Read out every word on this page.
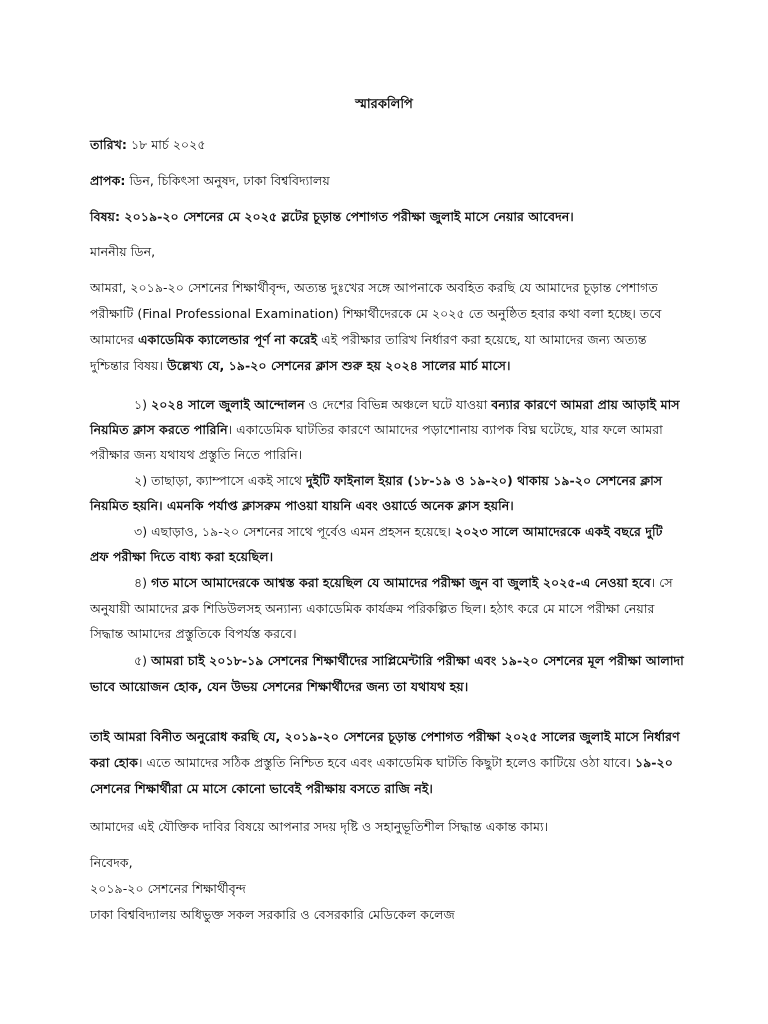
স্মারকলিপি
তারিখ: ১৮ মার্চ ২০২৫
প্রাপক: ডিন, চিকিৎসা অনুষদ, ঢাকা বিশ্ববিদ্যালয়
বিষয়: ২০১৯-২০ সেশনের মে ২০২৫ স্লটের চূড়ান্ত পেশাগত পরীক্ষা জুলাই মাসে নেয়ার আবেদন।
মাননীয় ডিন,
আমরা, ২০১৯-২০ সেশনের শিক্ষার্থীবৃন্দ, অত্যন্ত দুঃখের সঙ্গে আপনাকে অবহিত করছি যে আমাদের চূড়ান্ত পেশাগত
পরীক্ষাটি (Final Professional Examination) শিক্ষার্থীদেরকে মে ২০২৫ তে অনুষ্ঠিত হবার কথা বলা হচ্ছে। তবে
আমাদের একাডেমিক ক্যালেন্ডার পূর্ণ না করেই এই পরীক্ষার তারিখ নির্ধারণ করা হয়েছে, যা আমাদের জন্য অত্যন্ত
দুশ্চিন্তার বিষয়। উল্লেখ্য যে, ১৯-২০ সেশনের ক্লাস শুরু হয় ২০২৪ সালের মার্চ মাসে।
১) ২০২৪ সালে জুলাই আন্দোলন ও দেশের বিভিন্ন অঞ্চলে ঘটে যাওয়া বন্যার কারণে আমরা প্রায় আড়াই মাস
নিয়মিত ক্লাস করতে পারিনি। একাডেমিক ঘাটতির কারণে আমাদের পড়াশোনায় ব্যাপক বিঘ্ন ঘটেছে, যার ফলে আমরা
পরীক্ষার জন্য যথাযথ প্রস্তুতি নিতে পারিনি।
২) তাছাড়া, ক্যাম্পাসে একই সাথে দুইটি ফাইনাল ইয়ার (১৮-১৯ ও ১৯-২০) থাকায় ১৯-২০ সেশনের ক্লাস
নিয়মিত হয়নি। এমনকি পর্যাপ্ত ক্লাসরুম পাওয়া যায়নি এবং ওয়ার্ডে অনেক ক্লাস হয়নি।
৩) এছাড়াও, ১৯-২০ সেশনের সাথে পূর্বেও এমন প্রহসন হয়েছে। ২০২৩ সালে আমাদেরকে একই বছরে দুটি
প্রফ পরীক্ষা দিতে বাধ্য করা হয়েছিল।
৪) গত মাসে আমাদেরকে আশ্বস্ত করা হয়েছিল যে আমাদের পরীক্ষা জুন বা জুলাই ২০২৫-এ নেওয়া হবে। সে
অনুযায়ী আমাদের ব্লক শিডিউলসহ অন্যান্য একাডেমিক কার্যক্রম পরিকল্পিত ছিল। হঠাৎ করে মে মাসে পরীক্ষা নেয়ার
সিদ্ধান্ত আমাদের প্রস্তুতিকে বিপর্যস্ত করবে।
৫) আমরা চাই ২০১৮-১৯ সেশনের শিক্ষার্থীদের সাপ্লিমেন্টারি পরীক্ষা এবং ১৯-২০ সেশনের মূল পরীক্ষা আলাদা
ভাবে আয়োজন হোক, যেন উভয় সেশনের শিক্ষার্থীদের জন্য তা যথাযথ হয়।
তাই আমরা বিনীত অনুরোধ করছি যে, ২০১৯-২০ সেশনের চূড়ান্ত পেশাগত পরীক্ষা ২০২৫ সালের জুলাই মাসে নির্ধারণ
করা হোক। এতে আমাদের সঠিক প্রস্তুতি নিশ্চিত হবে এবং একাডেমিক ঘাটতি কিছুটা হলেও কাটিয়ে ওঠা যাবে। ১৯-২০
সেশনের শিক্ষার্থীরা মে মাসে কোনো ভাবেই পরীক্ষায় বসতে রাজি নই।
আমাদের এই যৌক্তিক দাবির বিষয়ে আপনার সদয় দৃষ্টি ও সহানুভূতিশীল সিদ্ধান্ত একান্ত কাম্য।
নিবেদক,
২০১৯-২০ সেশনের শিক্ষার্থীবৃন্দ
ঢাকা বিশ্ববিদ্যালয় অধিভুক্ত সকল সরকারি ও বেসরকারি মেডিকেল কলেজ
